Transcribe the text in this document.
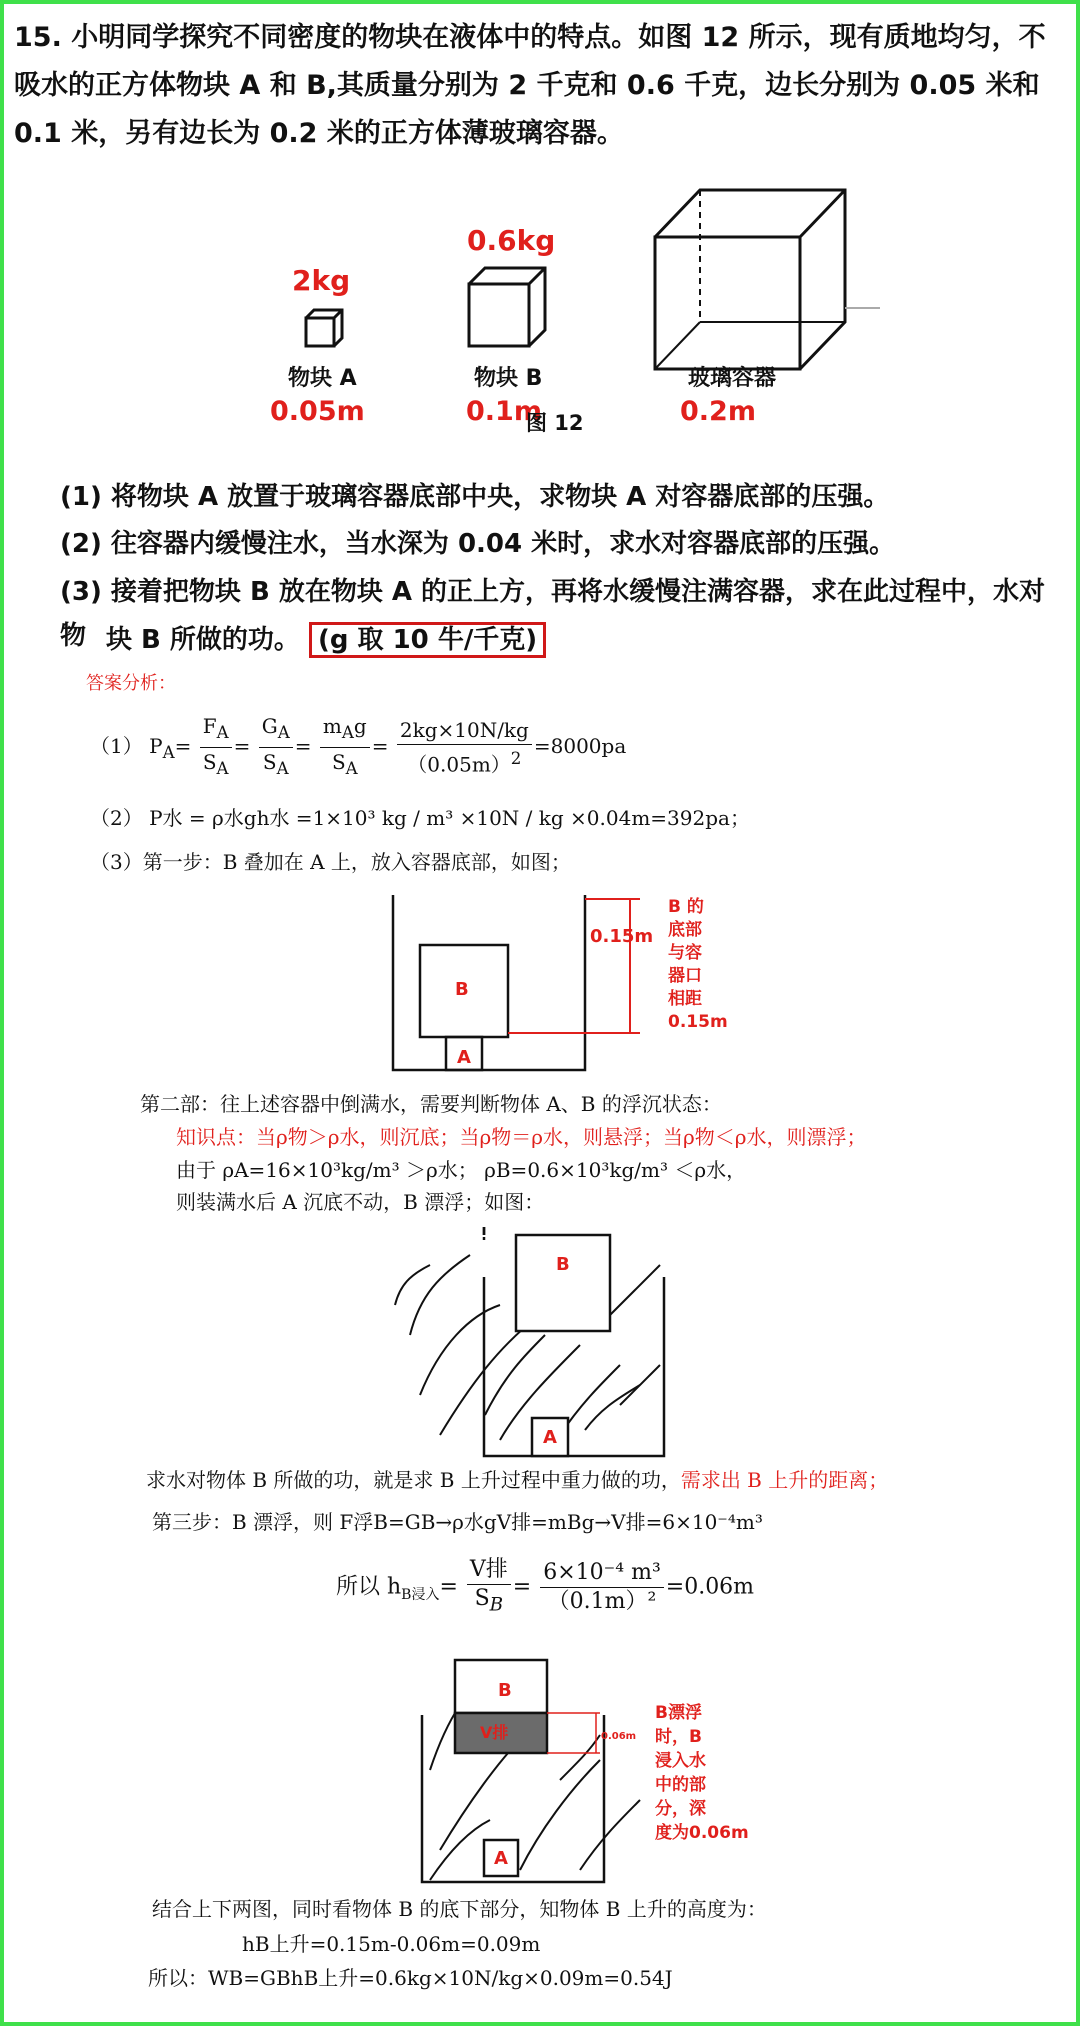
15. 小明同学探究不同密度的物块在液体中的特点。如图 12 所示，现有质地均匀，不吸水的正方体物块 A 和 B,其质量分别为 2 千克和 0.6 千克，边长分别为 0.05 米和 0.1 米，另有边长为 0.2 米的正方体薄玻璃容器。
2kg
0.6kg
物块 A	物块 B	玻璃容器
0.05m	0.1m	0.2m
图 12
(1) 将物块 A 放置于玻璃容器底部中央，求物块 A 对容器底部的压强。
(2) 往容器内缓慢注水，当水深为 0.04 米时，求水对容器底部的压强。
(3) 接着把物块 B 放在物块 A 的正上方，再将水缓慢注满容器，求在此过程中，水对物 块 B 所做的功。 (g 取 10 牛/千克)
答案分析：
（1） $P_A= \frac{F_A}{S_A} = \frac{G_A}{S_A} = \frac{m_Ag}{S_A} = \frac{2kg\times 10N/kg}{(0.05m)^2} =8000pa$
（2） P水 = ρ水gh水 =1×10³ kg / m³ ×10N / kg ×0.04m=392pa；
（3）第一步：B 叠加在 A 上，放入容器底部，如图；
0.15m
B
A
B 的
底部
与容
器口
相距
0.15m
第二部：往上述容器中倒满水，需要判断物体 A、B 的浮沉状态：
知识点：当ρ物＞ρ水，则沉底；当ρ物＝ρ水，则悬浮；当ρ物＜ρ水，则漂浮；
由于 ρA=16×10³kg/m³ ＞ρ水； ρB=0.6×10³kg/m³ ＜ρ水，
则装满水后 A 沉底不动，B 漂浮；如图：
B
A
求水对物体 B 所做的功，就是求 B 上升过程中重力做的功，需求出 B 上升的距离；
第三步：B 漂浮，则 F浮B=GB→ρ水gV排=mBg→V排=6×10⁻⁴m³
所以 $h_{B浸入}= \frac{\text{V排}}{S_B} = \frac{\text{6×10⁻⁴ m³}}{\text{（0.1m）²}} =0.06m$
B
V排	0.06m
A
B漂浮
时，B
浸入水
中的部
分，深
度为0.06m
结合上下两图，同时看物体 B 的底下部分，知物体 B 上升的高度为：
hB上升=0.15m-0.06m=0.09m
所以：WB=GBhB上升=0.6kg×10N/kg×0.09m=0.54J
